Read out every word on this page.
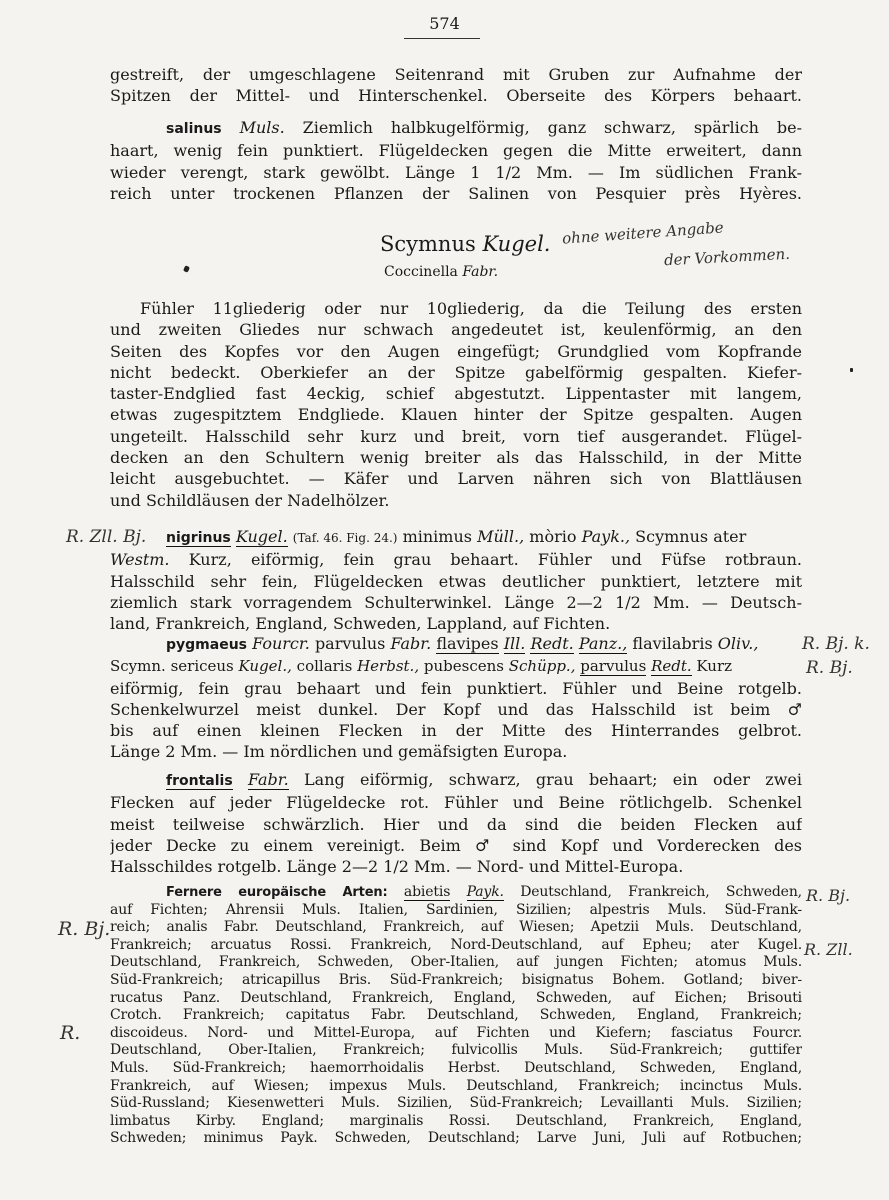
574
gestreift, der umgeschlagene Seitenrand mit Gruben zur Aufnahme der
Spitzen der Mittel- und Hinterschenkel. Oberseite des Körpers behaart.
salinus Muls. Ziemlich halbkugelförmig, ganz schwarz, spärlich be-
haart, wenig fein punktiert. Flügeldecken gegen die Mitte erweitert, dann
wieder verengt, stark gewölbt. Länge 1 1/2 Mm. — Im südlichen Frank-
reich unter trockenen Pflanzen der Salinen von Pesquier près Hyères.
Scymnus Kugel.
Coccinella Fabr.
ohne weitere Angabe
der Vorkommen.
Fühler 11gliederig oder nur 10gliederig, da die Teilung des ersten
und zweiten Gliedes nur schwach angedeutet ist, keulenförmig, an den
Seiten des Kopfes vor den Augen eingefügt; Grundglied vom Kopfrande
nicht bedeckt. Oberkiefer an der Spitze gabelförmig gespalten. Kiefer-
taster-Endglied fast 4eckig, schief abgestutzt. Lippentaster mit langem,
etwas zugespitztem Endgliede. Klauen hinter der Spitze gespalten. Augen
ungeteilt. Halsschild sehr kurz und breit, vorn tief ausgerandet. Flügel-
decken an den Schultern wenig breiter als das Halsschild, in der Mitte
leicht ausgebuchtet. — Käfer und Larven nähren sich von Blattläusen
und Schildläusen der Nadelhölzer.
R. Zll. Bj.	nigrinus Kugel. (Taf. 46. Fig. 24.) minimus Müll., mòrio Payk., Scymnus ater
Westm. Kurz, eiförmig, fein grau behaart. Fühler und Füfse rotbraun.
Halsschild sehr fein, Flügeldecken etwas deutlicher punktiert, letztere mit
ziemlich stark vorragendem Schulterwinkel. Länge 2—2 1/2 Mm. — Deutsch-
land, Frankreich, England, Schweden, Lappland, auf Fichten.
pygmaeus Fourcr. parvulus Fabr. flavipes Ill. Redt. Panz., flavilabris Oliv.,
Scymn. sericeus Kugel., collaris Herbst., pubescens Schüpp., parvulus Redt. Kurz
eiförmig, fein grau behaart und fein punktiert. Fühler und Beine rotgelb.
Schenkelwurzel meist dunkel. Der Kopf und das Halsschild ist beim ♂
bis auf einen kleinen Flecken in der Mitte des Hinterrandes gelbrot.
Länge 2 Mm. — Im nördlichen und gemäfsigten Europa.
R. Bj. k.
R. Bj.
frontalis Fabr. Lang eiförmig, schwarz, grau behaart; ein oder zwei
Flecken auf jeder Flügeldecke rot. Fühler und Beine rötlichgelb. Schenkel
meist teilweise schwärzlich. Hier und da sind die beiden Flecken auf
jeder Decke zu einem vereinigt. Beim ♂ sind Kopf und Vorderecken des
Halsschildes rotgelb. Länge 2—2 1/2 Mm. — Nord- und Mittel-Europa.
Fernere europäische Arten: abietis Payk. Deutschland, Frankreich, Schweden,
auf Fichten; Ahrensii Muls. Italien, Sardinien, Sizilien; alpestris Muls. Süd-Frank-
reich; analis Fabr. Deutschland, Frankreich, auf Wiesen; Apetzii Muls. Deutschland,
Frankreich; arcuatus Rossi. Frankreich, Nord-Deutschland, auf Epheu; ater Kugel.
Deutschland, Frankreich, Schweden, Ober-Italien, auf jungen Fichten; atomus Muls.
Süd-Frankreich; atricapillus Bris. Süd-Frankreich; bisignatus Bohem. Gotland; biver-
rucatus Panz. Deutschland, Frankreich, England, Schweden, auf Eichen; Brisouti
Crotch. Frankreich; capitatus Fabr. Deutschland, Schweden, England, Frankreich;
discoideus. Nord- und Mittel-Europa, auf Fichten und Kiefern; fasciatus Fourcr.
Deutschland, Ober-Italien, Frankreich; fulvicollis Muls. Süd-Frankreich; guttifer
Muls. Süd-Frankreich; haemorrhoidalis Herbst. Deutschland, Schweden, England,
Frankreich, auf Wiesen; impexus Muls. Deutschland, Frankreich; incinctus Muls.
Süd-Russland; Kiesenwetteri Muls. Sizilien, Süd-Frankreich; Levaillanti Muls. Sizilien;
limbatus Kirby. England; marginalis Rossi. Deutschland, Frankreich, England,
Schweden; minimus Payk. Schweden, Deutschland; Larve Juni, Juli auf Rotbuchen;
R. Bj.
R. Zll.
R. Bj.
R.
